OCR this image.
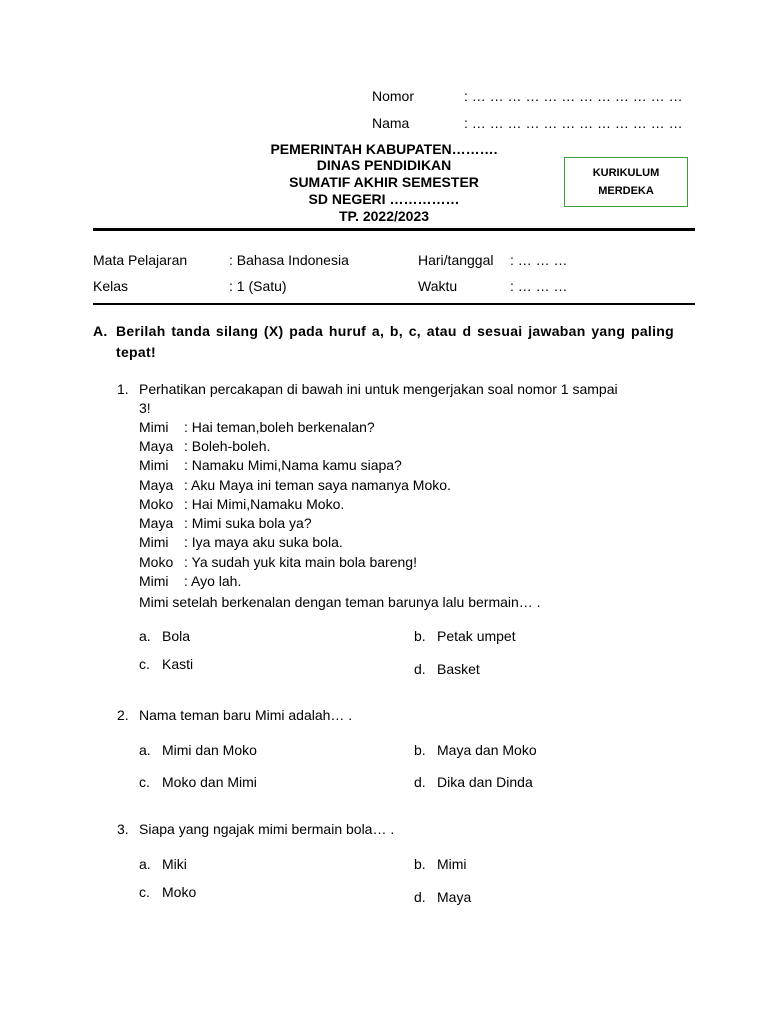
Nomor	: … … … … … … … … … … … …
Nama	: … … … … … … … … … … … …
PEMERINTAH KABUPATEN……….
DINAS PENDIDIKAN
SUMATIF AKHIR SEMESTER
SD NEGERI ……………
TP. 2022/2023
KURIKULUM
MERDEKA
Mata Pelajaran	: Bahasa Indonesia	Hari/tanggal : … … …
Kelas	: 1 (Satu)	Waktu	: … … …
A. Berilah tanda silang (X) pada huruf a, b, c, atau d sesuai jawaban yang paling tepat!
1. Perhatikan percakapan di bawah ini untuk mengerjakan soal nomor 1 sampai
3!
Mimi	: Hai teman,boleh berkenalan?
Maya : Boleh-boleh.
Mimi	: Namaku Mimi,Nama kamu siapa?
Maya : Aku Maya ini teman saya namanya Moko.
Moko : Hai Mimi,Namaku Moko.
Maya : Mimi suka bola ya?
Mimi	: Iya maya aku suka bola.
Moko : Ya sudah yuk kita main bola bareng!
Mimi	: Ayo lah.
Mimi setelah berkenalan dengan teman barunya lalu bermain… .
a. Bola	b. Petak umpet
c. Kasti	d. Basket
2. Nama teman baru Mimi adalah… .
a. Mimi dan Moko	b. Maya dan Moko
c. Moko dan Mimi	d. Dika dan Dinda
3. Siapa yang ngajak mimi bermain bola… .
a. Miki	b. Mimi
c. Moko	d. Maya
